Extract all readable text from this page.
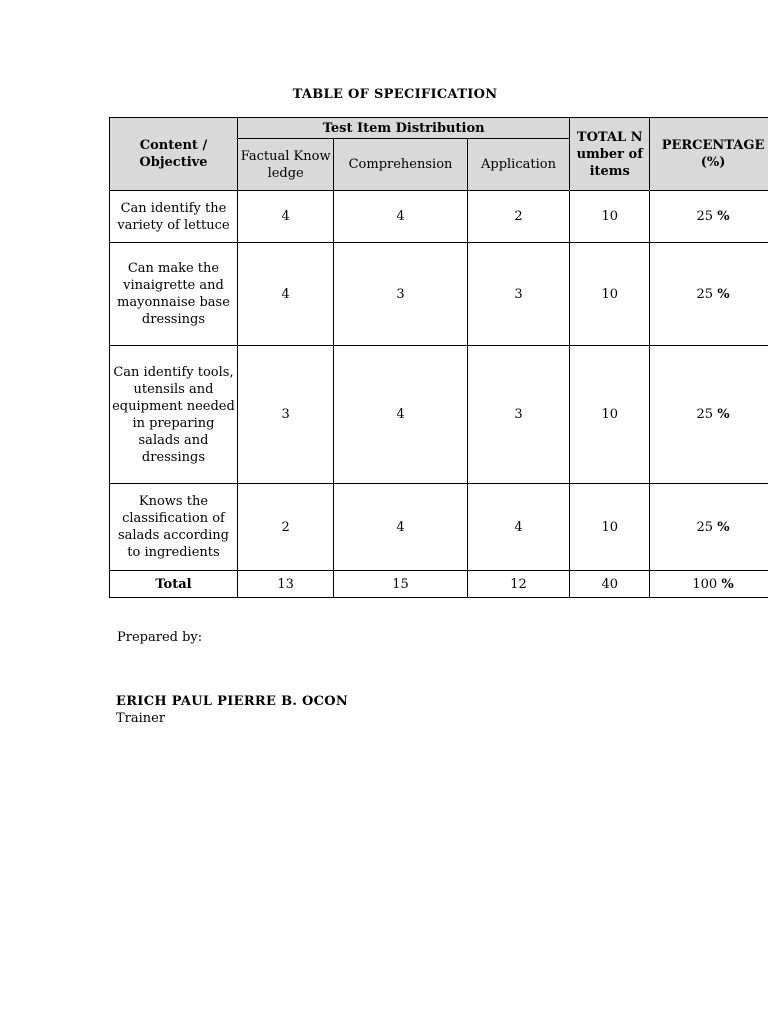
TABLE OF SPECIFICATION
Content / Objective	Test Item Distribution			TOTAL Number of items	PERCENTAGE (%)
	Factual Knowledge	Comprehension	Application		
Can identify the variety of lettuce	4	4	2	10	25 %
Can make the vinaigrette and mayonnaise base dressings	4	3	3	10	25 %
Can identify tools, utensils and equipment needed in preparing salads and dressings	3	4	3	10	25 %
Knows the classification of salads according to ingredients	2	4	4	10	25 %
Total	13	15	12	40	100 %
Prepared by:
ERICH PAUL PIERRE B. OCON
Trainer
